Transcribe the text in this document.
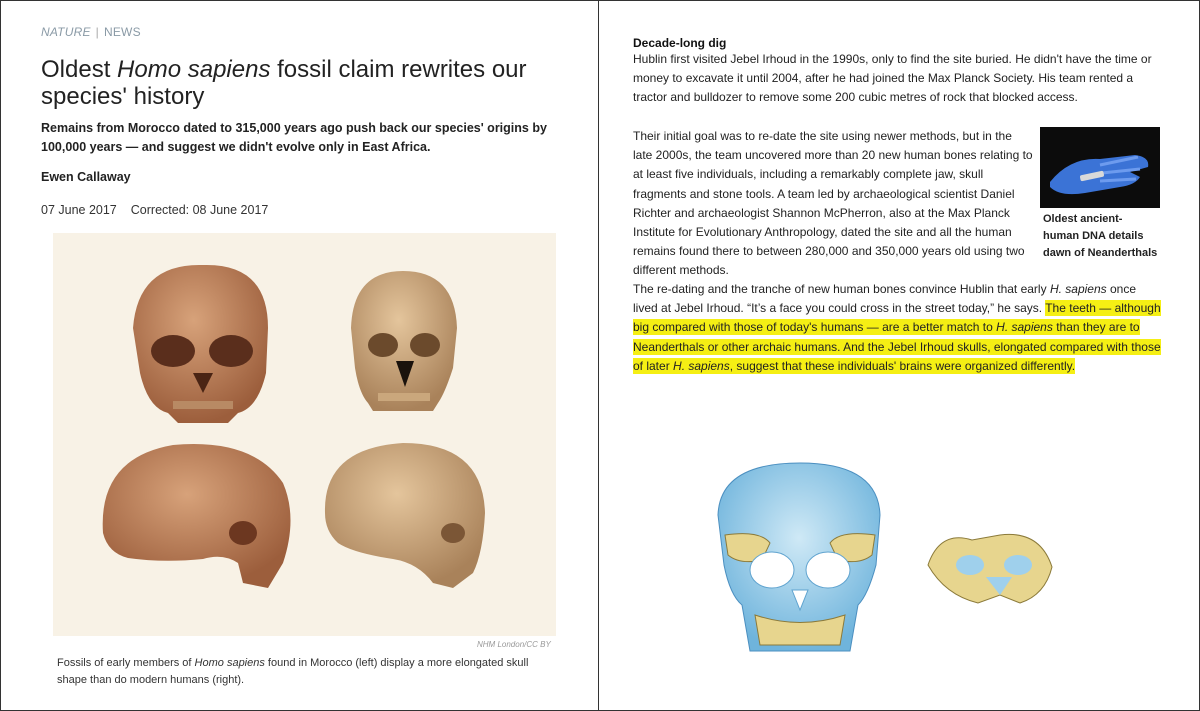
NATURE | NEWS
Oldest Homo sapiens fossil claim rewrites our species' history

Remains from Morocco dated to 315,000 years ago push back our species' origins by 100,000 years — and suggest we didn't evolve only in East Africa.

Ewen Callaway
07 June 2017 Corrected: 08 June 2017
NHM London/CC BY
Fossils of early members of Homo sapiens found in Morocco (left) display a more elongated skull shape than do modern humans (right).
Decade-long dig

Hublin first visited Jebel Irhoud in the 1990s, only to find the site buried. He didn't have the time or money to excavate it until 2004, after he had joined the Max Planck Society. His team rented a tractor and bulldozer to remove some 200 cubic metres of rock that blocked access.

Their initial goal was to re-date the site using newer methods, but in the late 2000s, the team uncovered more than 20 new human bones relating to at least five individuals, including a remarkably complete jaw, skull fragments and stone tools. A team led by archaeological scientist Daniel Richter and archaeologist Shannon McPherron, also at the Max Planck Institute for Evolutionary Anthropology, dated the site and all the human remains found there to between 280,000 and 350,000 years old using two different methods.

The re-dating and the tranche of new human bones convince Hublin that early H. sapiens once lived at Jebel Irhoud. “It’s a face you could cross in the street today,” he says. The teeth — although big compared with those of today's humans — are a better match to H. sapiens than they are to Neanderthals or other archaic humans. And the Jebel Irhoud skulls, elongated compared with those of later H. sapiens, suggest that these individuals' brains were organized differently.

Oldest ancient-human DNA details dawn of Neanderthals
